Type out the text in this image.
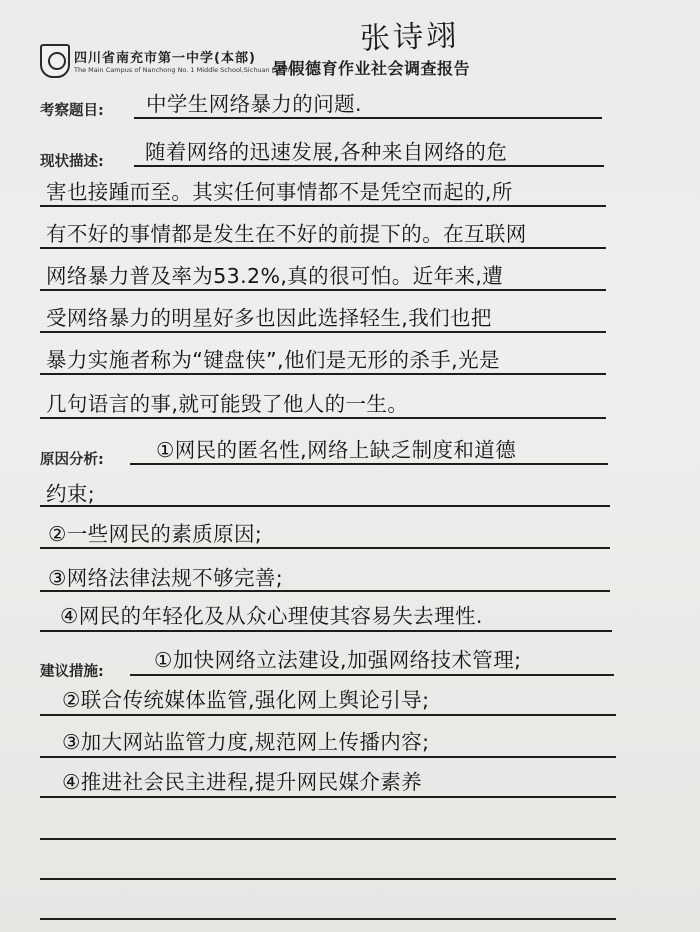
四川省南充市第一中学(本部)
The Main Campus of Nanchong No. 1 Middle School,Sichuan Province
张诗翊
暑假德育作业社会调查报告
考察题目: 中学生网络暴力的问题.
现状描述: 随着网络的迅速发展,各种来自网络的危
害也接踵而至。其实任何事情都不是凭空而起的,所
有不好的事情都是发生在不好的前提下的。在互联网
网络暴力普及率为53.2%,真的很可怕。近年来,遭
受网络暴力的明星好多也因此选择轻生,我们也把
暴力实施者称为“键盘侠”,他们是无形的杀手,光是
几句语言的事,就可能毁了他人的一生。
原因分析:	①网民的匿名性,网络上缺乏制度和道德
约束;
②一些网民的素质原因;
③网络法律法规不够完善;
④网民的年轻化及从众心理使其容易失去理性.
建议措施: ①加快网络立法建设,加强网络技术管理;
②联合传统媒体监管,强化网上舆论引导;
③加大网站监管力度,规范网上传播内容;
④推进社会民主进程,提升网民媒介素养
